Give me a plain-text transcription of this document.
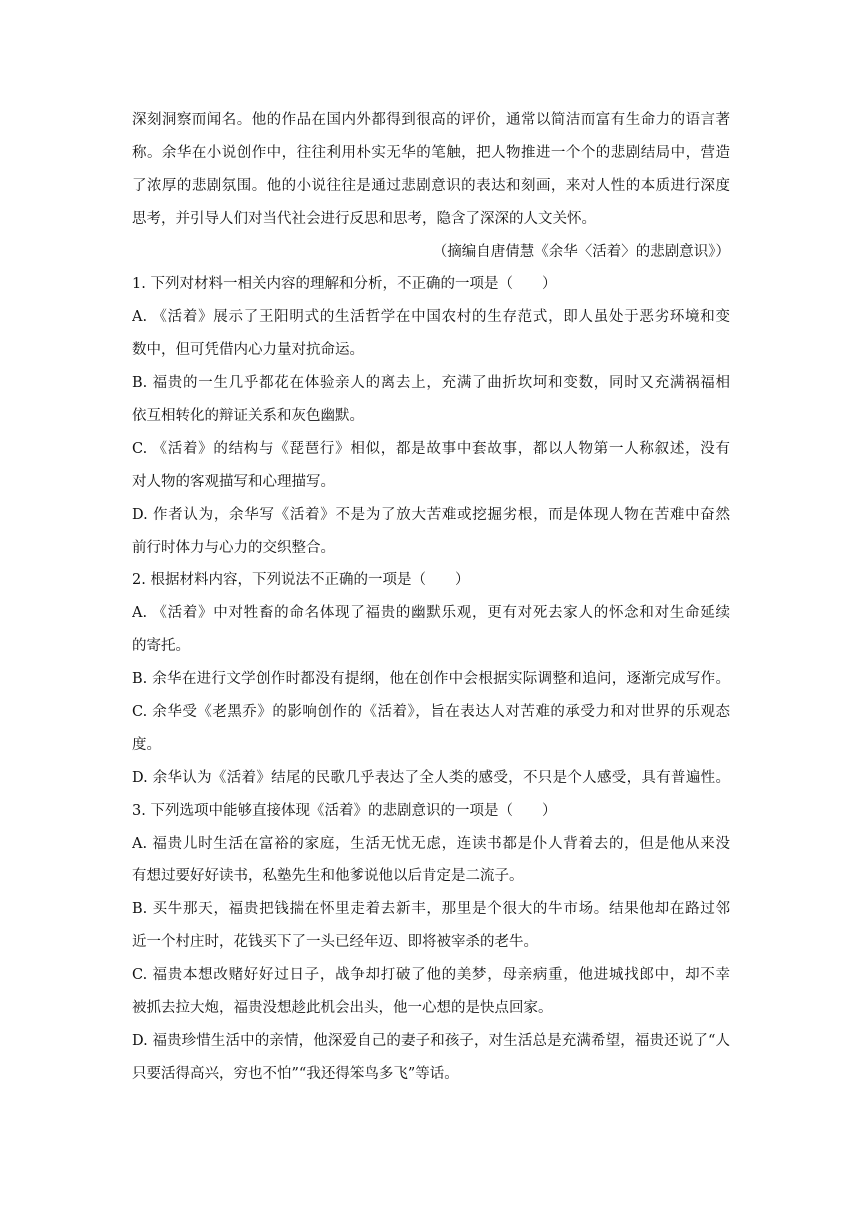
深刻洞察而闻名。他的作品在国内外都得到很高的评价，通常以简洁而富有生命力的语言著
称。余华在小说创作中，往往利用朴实无华的笔触，把人物推进一个个的悲剧结局中，营造
了浓厚的悲剧氛围。他的小说往往是通过悲剧意识的表达和刻画，来对人性的本质进行深度
思考，并引导人们对当代社会进行反思和思考，隐含了深深的人文关怀。
（摘编自唐倩慧《余华〈活着〉的悲剧意识》）
1. 下列对材料一相关内容的理解和分析，不正确的一项是（　　）
A. 《活着》展示了王阳明式的生活哲学在中国农村的生存范式，即人虽处于恶劣环境和变
数中，但可凭借内心力量对抗命运。
B. 福贵的一生几乎都花在体验亲人的离去上，充满了曲折坎坷和变数，同时又充满祸福相
依互相转化的辩证关系和灰色幽默。
C. 《活着》的结构与《琵琶行》相似，都是故事中套故事，都以人物第一人称叙述，没有
对人物的客观描写和心理描写。
D. 作者认为，余华写《活着》不是为了放大苦难或挖掘劣根，而是体现人物在苦难中奋然
前行时体力与心力的交织整合。
2. 根据材料内容，下列说法不正确的一项是（　　）
A. 《活着》中对牲畜的命名体现了福贵的幽默乐观，更有对死去家人的怀念和对生命延续
的寄托。
B. 余华在进行文学创作时都没有提纲，他在创作中会根据实际调整和追问，逐渐完成写作。
C. 余华受《老黑乔》的影响创作的《活着》，旨在表达人对苦难的承受力和对世界的乐观态
度。
D. 余华认为《活着》结尾的民歌几乎表达了全人类的感受，不只是个人感受，具有普遍性。
3. 下列选项中能够直接体现《活着》的悲剧意识的一项是（　　）
A. 福贵儿时生活在富裕的家庭，生活无忧无虑，连读书都是仆人背着去的，但是他从来没
有想过要好好读书，私塾先生和他爹说他以后肯定是二流子。
B. 买牛那天，福贵把钱揣在怀里走着去新丰，那里是个很大的牛市场。结果他却在路过邻
近一个村庄时，花钱买下了一头已经年迈、即将被宰杀的老牛。
C. 福贵本想改赌好好过日子，战争却打破了他的美梦，母亲病重，他进城找郎中，却不幸
被抓去拉大炮，福贵没想趁此机会出头，他一心想的是快点回家。
D. 福贵珍惜生活中的亲情，他深爱自己的妻子和孩子，对生活总是充满希望，福贵还说了“人
只要活得高兴，穷也不怕”“我还得笨鸟多飞”等话。
